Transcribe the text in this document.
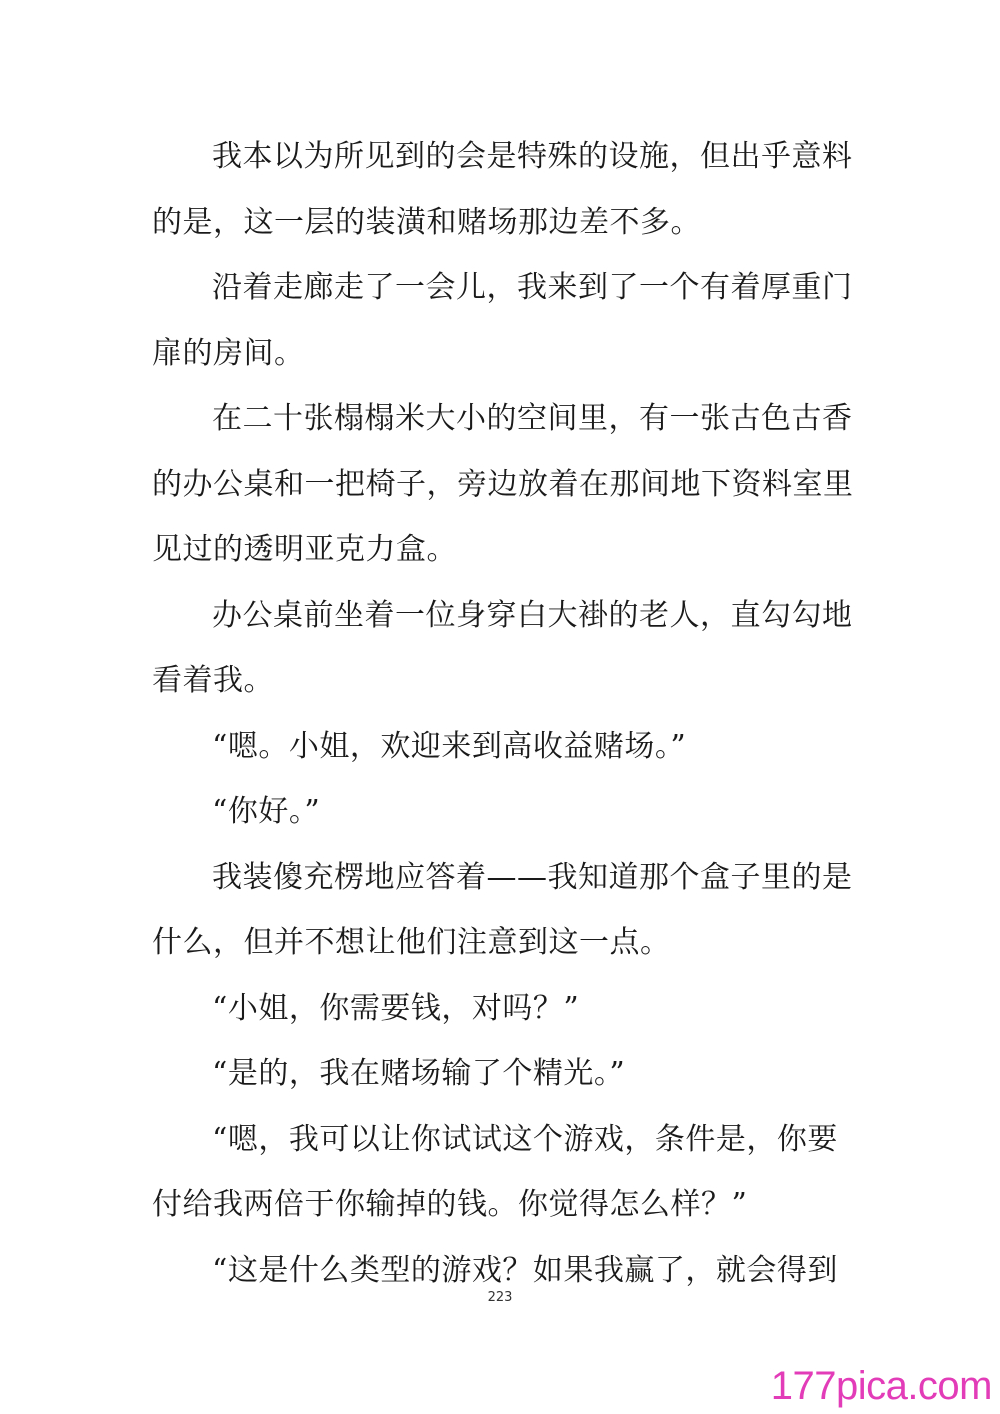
我本以为所见到的会是特殊的设施，但出乎意料
的是，这一层的装潢和赌场那边差不多。
沿着走廊走了一会儿，我来到了一个有着厚重门
扉的房间。
在二十张榻榻米大小的空间里，有一张古色古香
的办公桌和一把椅子，旁边放着在那间地下资料室里
见过的透明亚克力盒。
办公桌前坐着一位身穿白大褂的老人，直勾勾地
看着我。
“嗯。小姐，欢迎来到高收益赌场。”
“你好。”
我装傻充楞地应答着——我知道那个盒子里的是
什么，但并不想让他们注意到这一点。
“小姐，你需要钱，对吗？”
“是的，我在赌场输了个精光。”
“嗯，我可以让你试试这个游戏，条件是，你要
付给我两倍于你输掉的钱。你觉得怎么样？”
“这是什么类型的游戏？如果我赢了，就会得到
223
177pica.com
